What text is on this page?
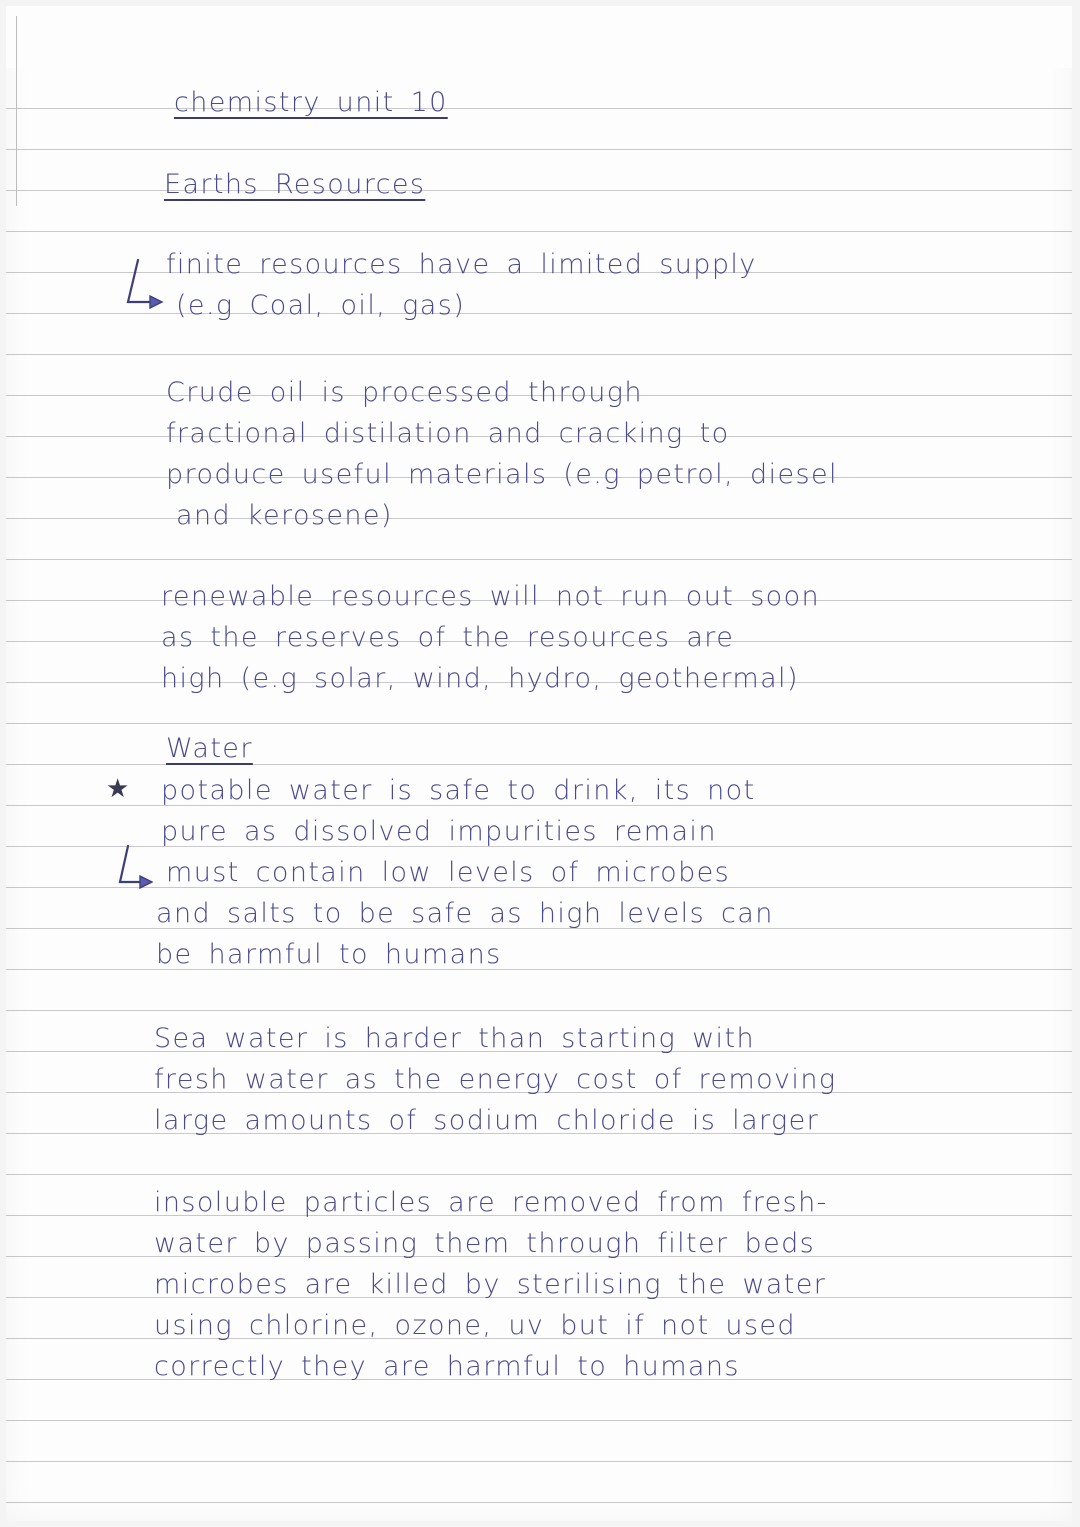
chemistry unit 10
Earths Resources
finite resources have a limited supply
(e.g Coal, oil, gas)
Crude oil is processed through
fractional distilation and cracking to
produce useful materials (e.g petrol, diesel
and kerosene)
renewable resources will not run out soon
as the reserves of the resources are
high (e.g solar, wind, hydro, geothermal)
Water
★ potable water is safe to drink, its not
pure as dissolved impurities remain
must contain low levels of microbes
and salts to be safe as high levels can
be harmful to humans
Sea water is harder than starting with
fresh water as the energy cost of removing
large amounts of sodium chloride is larger
insoluble particles are removed from fresh-
water by passing them through filter beds
microbes are killed by sterilising the water
using chlorine, ozone, uv but if not used
correctly they are harmful to humans
